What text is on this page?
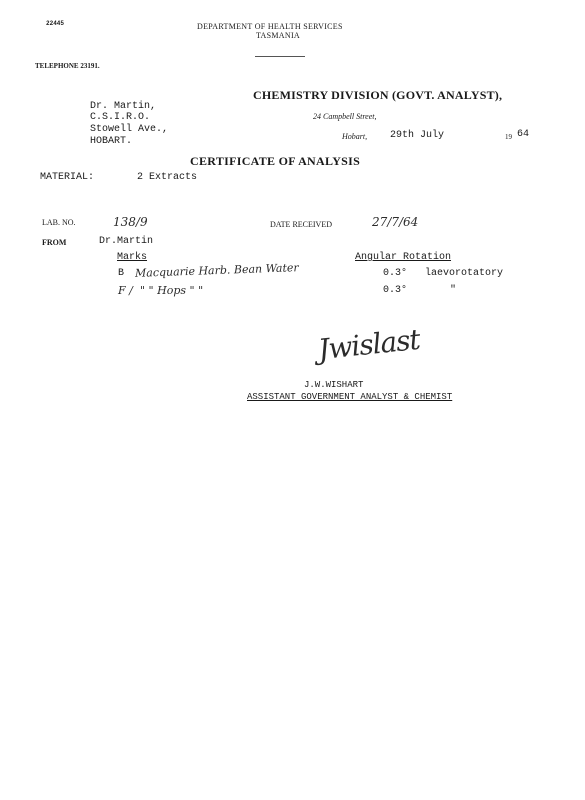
22445	DEPARTMENT OF HEALTH SERVICES
TASMANIA
TELEPHONE 23191.
CHEMISTRY DIVISION (GOVT. ANALYST),
Dr. Martin,
C.S.I.R.O.
Stowell Ave.,
HOBART.
24 Campbell Street,
Hobart, 29th July	19 64
CERTIFICATE OF ANALYSIS
MATERIAL:	2 Extracts
LAB. NO.	138/9	DATE RECEIVED	27/7/64
FROM	Dr.Martin
Marks	Angular Rotation
B Macquarie Harb. Bean Water	0.3° laevorotatory
F / " " Hops " "	0.3°	"
Jwislast
J.W.WISHART
ASSISTANT GOVERNMENT ANALYST & CHEMIST
